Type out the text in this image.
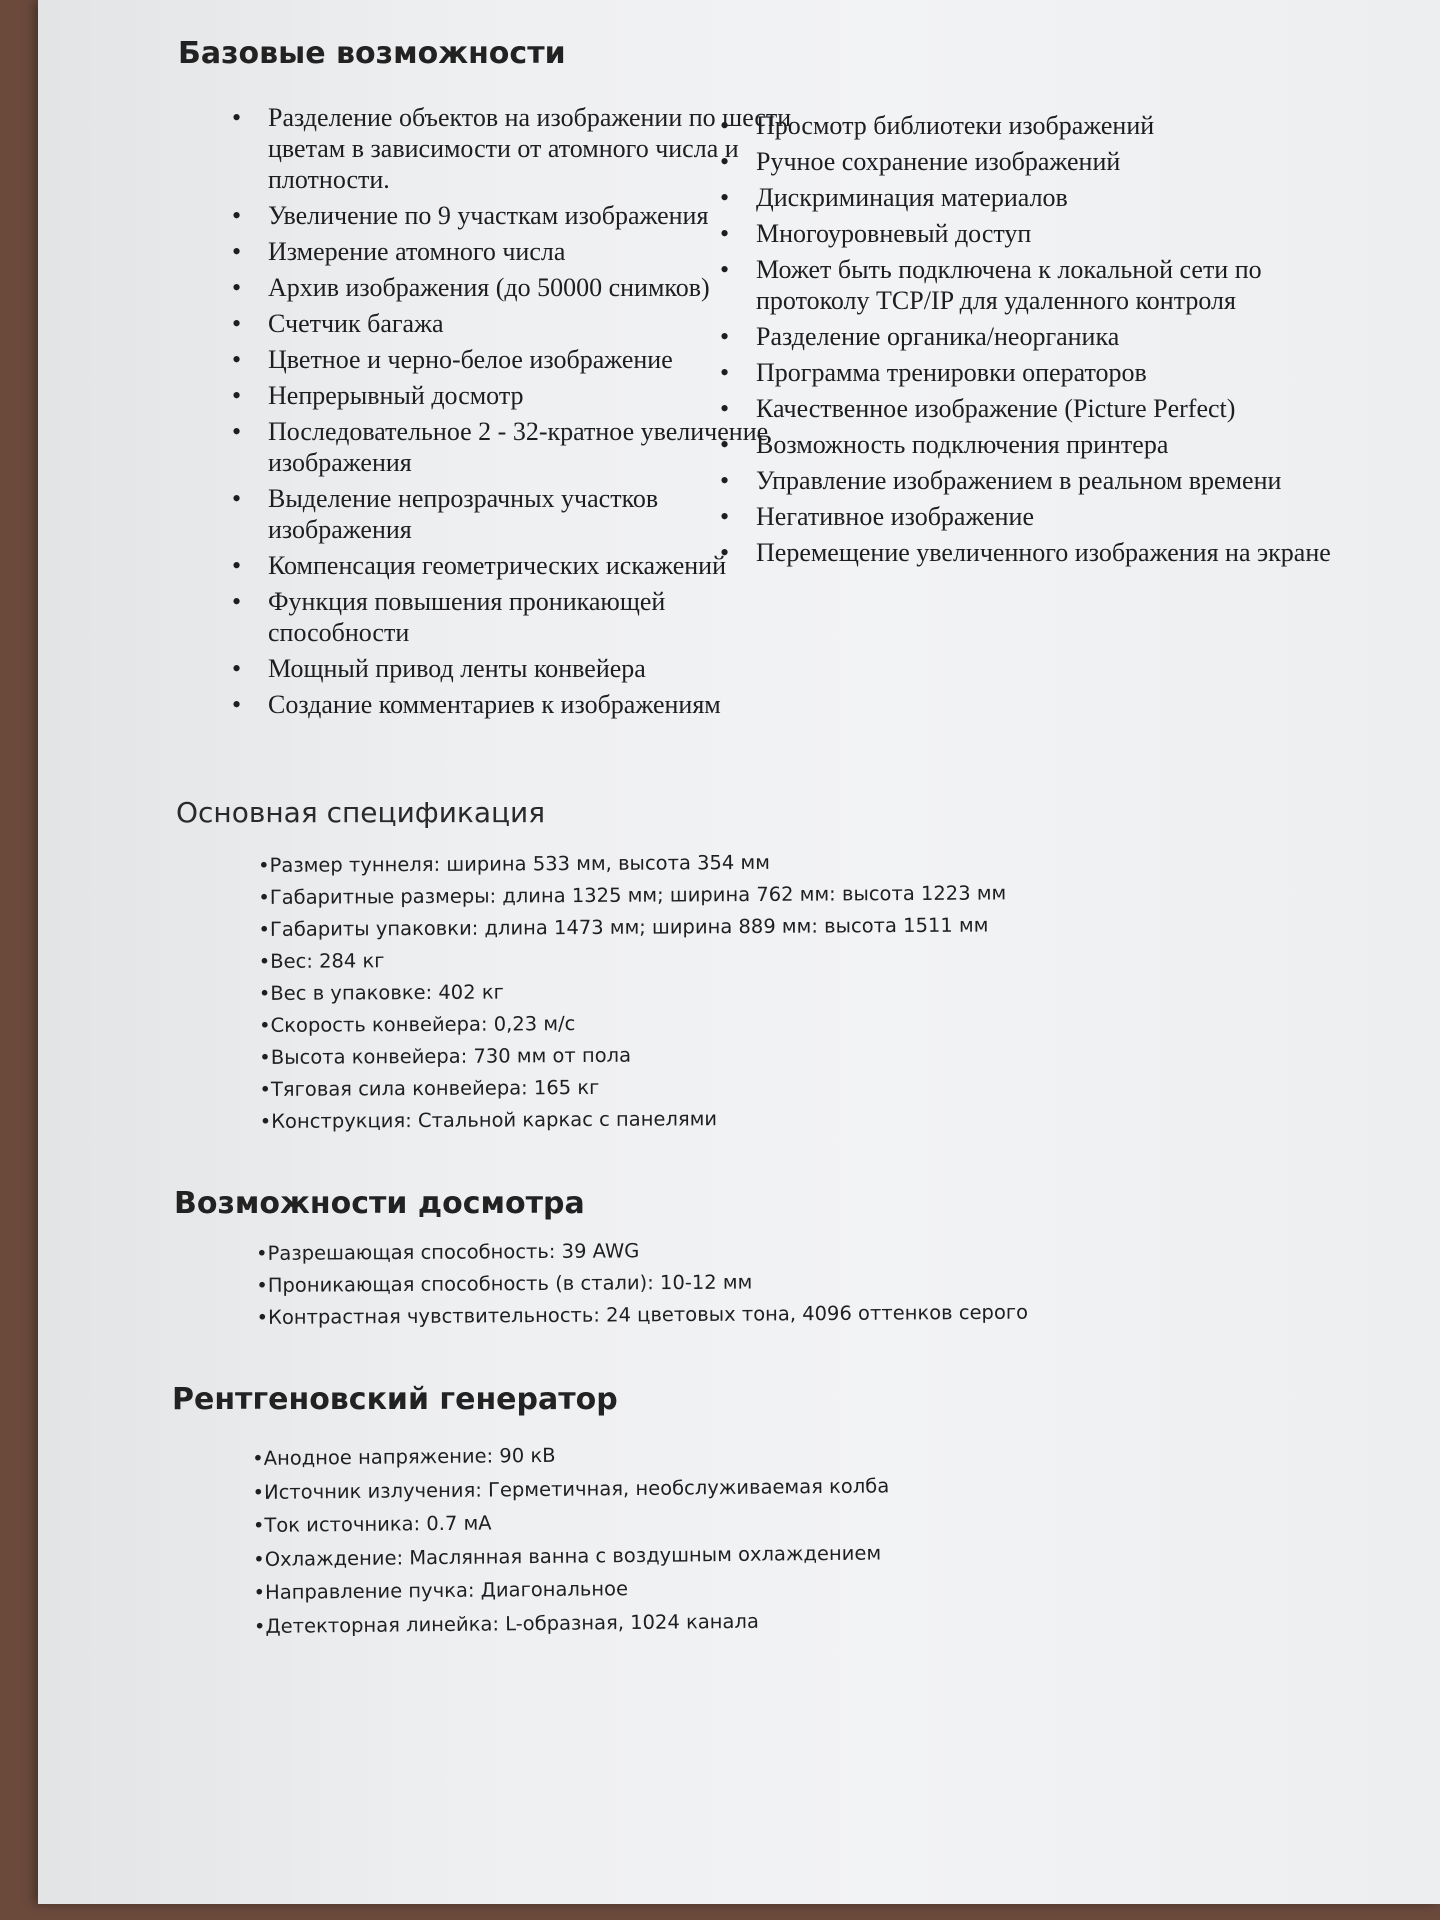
Базовые возможности
• Разделение объектов на изображении по шести цветам в зависимости от атомного числа и плотности.
• Увеличение по 9 участкам изображения
• Измерение атомного числа
• Архив изображения (до 50000 снимков)
• Счетчик багажа
• Цветное и черно-белое изображение
• Непрерывный досмотр
• Последовательное 2 - 32-кратное увеличение изображения
• Выделение непрозрачных участков изображения
• Компенсация геометрических искажений
• Функция повышения проникающей способности
• Мощный привод ленты конвейера
• Создание комментариев к изображениям
• Просмотр библиотеки изображений
• Ручное сохранение изображений
• Дискриминация материалов
• Многоуровневый доступ
• Может быть подключена к локальной сети по протоколу TCP/IP для удаленного контроля
• Разделение органика/неорганика
• Программа тренировки операторов
• Качественное изображение (Picture Perfect)
• Возможность подключения принтера
• Управление изображением в реальном времени
• Негативное изображение
• Перемещение увеличенного изображения на экране
Основная спецификация
• Размер туннеля: ширина 533 мм, высота 354 мм
• Габаритные размеры: длина 1325 мм; ширина 762 мм: высота 1223 мм
• Габариты упаковки: длина 1473 мм; ширина 889 мм: высота 1511 мм
• Вес: 284 кг
• Вес в упаковке: 402 кг
• Скорость конвейера: 0,23 м/с
• Высота конвейера: 730 мм от пола
• Тяговая сила конвейера: 165 кг
• Конструкция: Стальной каркас с панелями
Возможности досмотра
• Разрешающая способность: 39 AWG
• Проникающая способность (в стали): 10-12 мм
• Контрастная чувствительность: 24 цветовых тона, 4096 оттенков серого
Рентгеновский генератор
• Анодное напряжение: 90 кВ
• Источник излучения: Герметичная, необслуживаемая колба
• Ток источника: 0.7 мА
• Охлаждение: Маслянная ванна с воздушным охлаждением
• Направление пучка: Диагональное
• Детекторная линейка: L-образная, 1024 канала
